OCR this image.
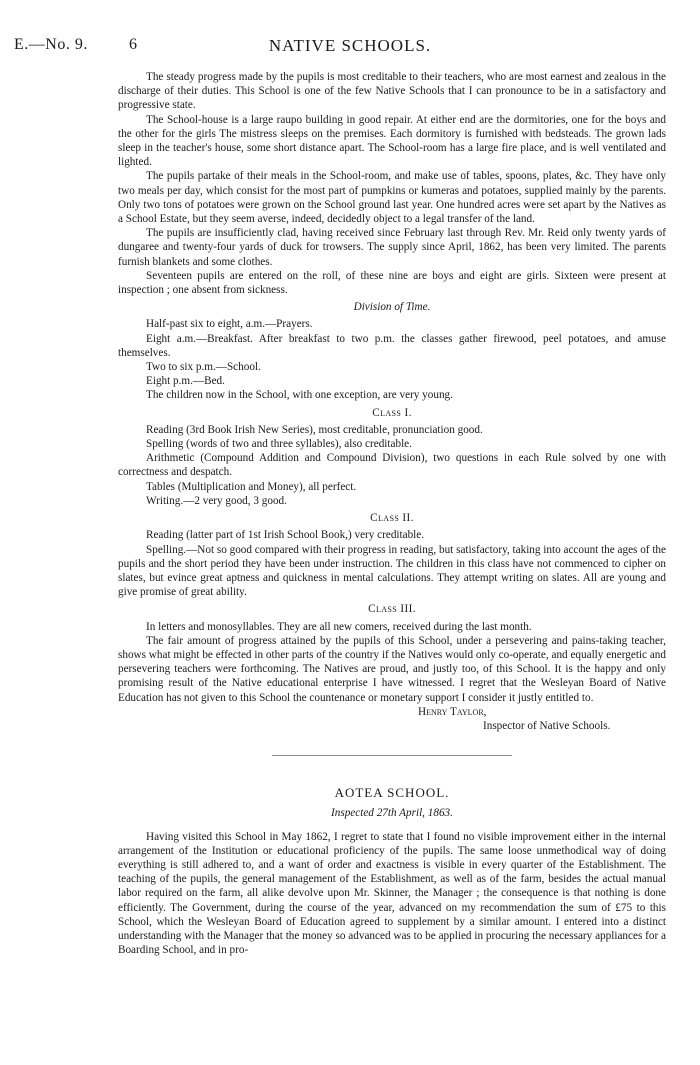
E.—No. 9.	6	NATIVE SCHOOLS.

The steady progress made by the pupils is most creditable to their teachers, who are most earnest and zealous in the discharge of their duties. This School is one of the few Native Schools that I can pronounce to be in a satisfactory and progressive state.

The School-house is a large raupo building in good repair. At either end are the dormitories, one for the boys and the other for the girls The mistress sleeps on the premises. Each dormitory is furnished with bedsteads. The grown lads sleep in the teacher's house, some short distance apart. The School-room has a large fire place, and is well ventilated and lighted.

The pupils partake of their meals in the School-room, and make use of tables, spoons, plates, &c. They have only two meals per day, which consist for the most part of pumpkins or kumeras and potatoes, supplied mainly by the parents. Only two tons of potatoes were grown on the School ground last year. One hundred acres were set apart by the Natives as a School Estate, but they seem averse, indeed, decidedly object to a legal transfer of the land.

The pupils are insufficiently clad, having received since February last through Rev. Mr. Reid only twenty yards of dungaree and twenty-four yards of duck for trowsers. The supply since April, 1862, has been very limited. The parents furnish blankets and some clothes.

Seventeen pupils are entered on the roll, of these nine are boys and eight are girls. Sixteen were present at inspection ; one absent from sickness.

Division of Time.

Half-past six to eight, a.m.—Prayers.

Eight a.m.—Breakfast. After breakfast to two p.m. the classes gather firewood, peel potatoes, and amuse themselves.

Two to six p.m.—School.

Eight p.m.—Bed.

The children now in the School, with one exception, are very young.

Class I.

Reading (3rd Book Irish New Series), most creditable, pronunciation good.

Spelling (words of two and three syllables), also creditable.

Arithmetic (Compound Addition and Compound Division), two questions in each Rule solved by one with correctness and despatch.

Tables (Multiplication and Money), all perfect.

Writing.—2 very good, 3 good.

Class II.

Reading (latter part of 1st Irish School Book,) very creditable.

Spelling.—Not so good compared with their progress in reading, but satisfactory, taking into account the ages of the pupils and the short period they have been under instruction. The children in this class have not commenced to cipher on slates, but evince great aptness and quickness in mental calculations. They attempt writing on slates. All are young and give promise of great ability.

Class III.

In letters and monosyllables. They are all new comers, received during the last month.

The fair amount of progress attained by the pupils of this School, under a persevering and pains-taking teacher, shows what might be effected in other parts of the country if the Natives would only co-operate, and equally energetic and persevering teachers were forthcoming. The Natives are proud, and justly too, of this School. It is the happy and only promising result of the Native educational enterprise I have witnessed. I regret that the Wesleyan Board of Native Education has not given to this School the countenance or monetary support I consider it justly entitled to.

Henry Taylor,
Inspector of Native Schools.

AOTEA SCHOOL.

Inspected 27th April, 1863.

Having visited this School in May 1862, I regret to state that I found no visible improvement either in the internal arrangement of the Institution or educational proficiency of the pupils. The same loose unmethodical way of doing everything is still adhered to, and a want of order and exactness is visible in every quarter of the Establishment. The teaching of the pupils, the general management of the Establishment, as well as of the farm, besides the actual manual labor required on the farm, all alike devolve upon Mr. Skinner, the Manager ; the consequence is that nothing is done efficiently. The Government, during the course of the year, advanced on my recommendation the sum of £75 to this School, which the Wesleyan Board of Education agreed to supplement by a similar amount. I entered into a distinct understanding with the Manager that the money so advanced was to be applied in procuring the necessary appliances for a Boarding School, and in pro-
